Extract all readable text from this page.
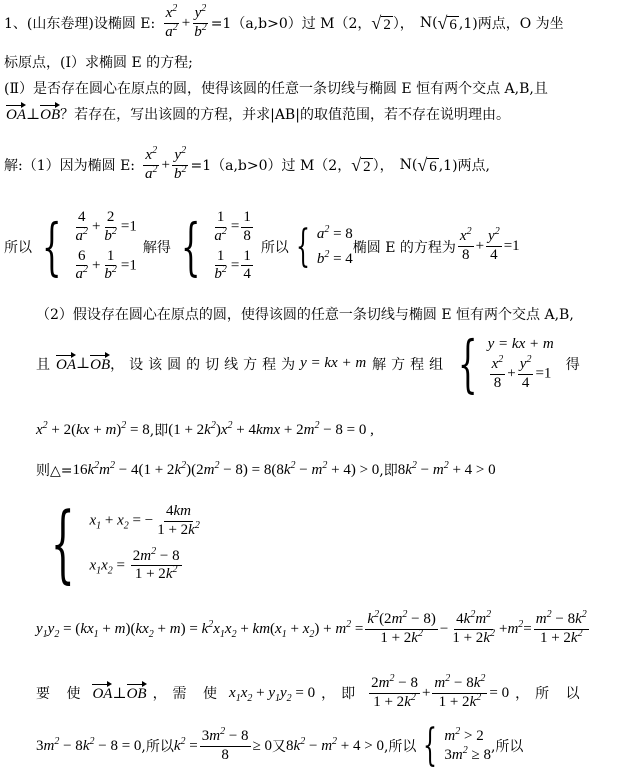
1、(山东卷理)设椭圆 E: $\frac{x^2}{a^2} + \frac{y^2}{b^2} =1(a,b>0)$过 M（2， √ 2 ）， N( √ 6 ,1)两点，O 为坐
标原点，(Ⅰ）求椭圆 E 的方程;
(Ⅱ）是否存在圆心在原点的圆，使得该圆的任意一条切线与椭圆 E 恒有两个交点 A,B,且
OA ⊥ OB ？若存在，写出该圆的方程，并求|AB|的取值范围，若不存在说明理由。
解:（1）因为椭圆 E: $\frac{x^2}{a^2} + \frac{y^2}{b^2} =1(a,b>0)$过 M（2， √ 2 ）， N( √ 6 ,1)两点,
所以 { $\frac{4}{a^2} + \frac{2}{b^2} =1$
$\frac{6}{a^2} + \frac{1}{b^2} =1$
解得 { $\frac{1}{a^2} = \frac{1}{8}$
$\frac{1}{b^2} = \frac{1}{4}$
所以 { $a^2 = 8$
$b^2 = 4$
椭圆 E 的方程为 $\frac{x^2}{8} + \frac{y^2}{4} =1$
（2）假设存在圆心在原点的圆，使得该圆的任意一条切线与椭圆 E 恒有两个交点 A,B,
且 OA ⊥ OB ，设该圆的切线方程为 y = kx + m 解方程组 { y = kx + m
$\frac{x^2}{8} + \frac{y^2}{4} =1$
得
$x^2 + 2(kx + m)^2 = 8$ ,即 $(1 + 2k^2)x^2 + 4kmx + 2m^2 - 8 = 0$ ,
则△= $16k^2m^2 - 4(1 + 2k^2)(2m^2 - 8) = 8(8k^2 - m^2 + 4) > 0$ ,即 $8k^2 - m^2 + 4 > 0$
{ $x_1 + x_2$ = − $\frac{4km}{1 + 2k^2}$
$x_1x_2 = \frac{2m^2 - 8}{1 + 2k^2}$
$y_1y_2 = (kx_1 + m)(kx_2 + m) = k^2x_1x_2 + km(x_1 + x_2) + m^2 = \frac{k^2(2m^2 - 8)}{1 + 2k^2} - \frac{4k^2m^2}{1 + 2k^2} + m^2 = \frac{m^2 - 8k^2}{1 + 2k^2}$
要 使 OA ⊥ OB ，需 使 $x_1x_2 + y_1y_2 = 0$ ，即 $\frac{2m^2 - 8}{1 + 2k^2} + \frac{m^2 - 8k^2}{1 + 2k^2} = 0$ ，所 以
$3m^2 - 8k^2 - 8 = 0$ ,所以 $k^2 = \frac{3m^2 - 8}{8} \ge 0$ 又 $8k^2 - m^2 + 4 > 0$ ,所以 { $m^2 > 2$
$3m^2 \ge 8$ ,所以
